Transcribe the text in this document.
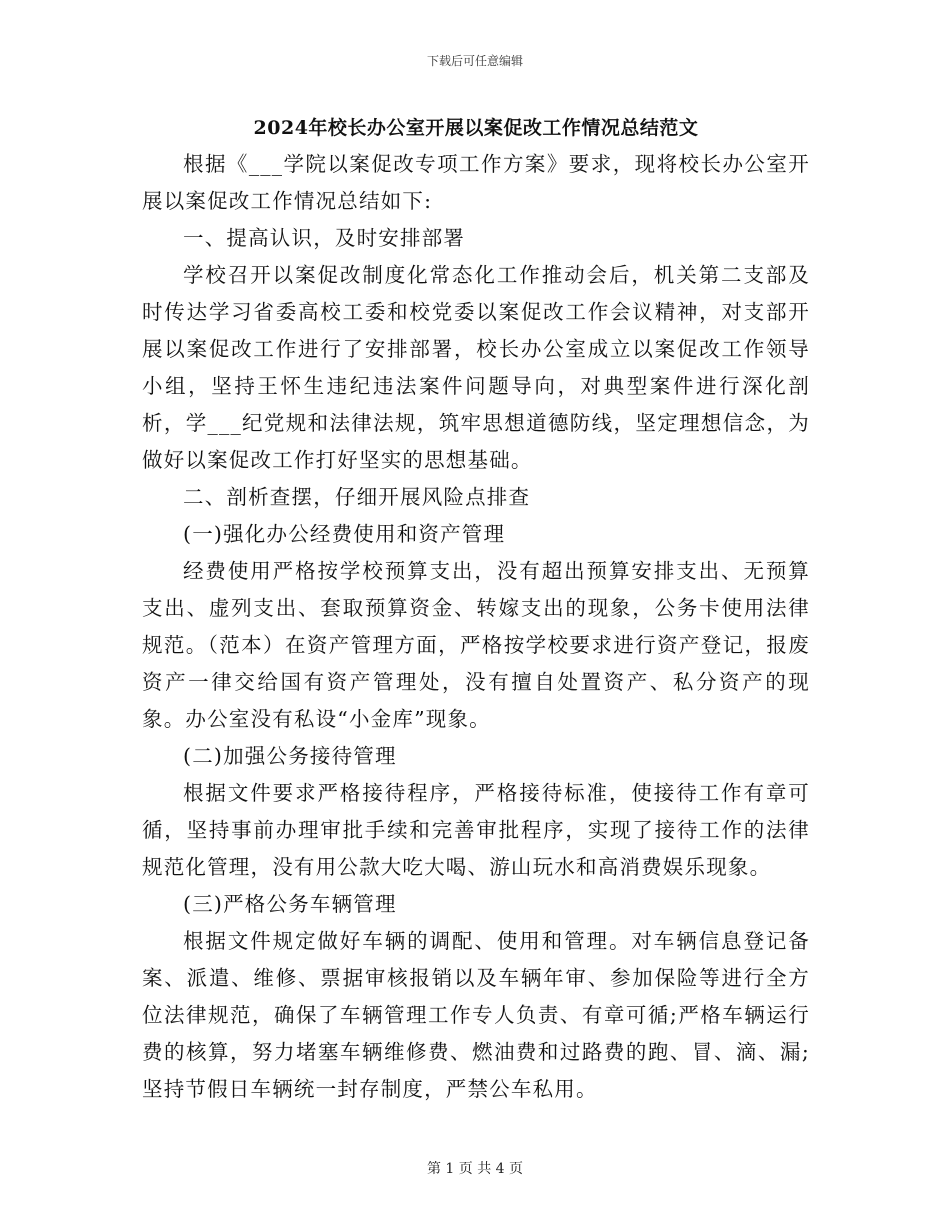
下载后可任意编辑
2024年校长办公室开展以案促改工作情况总结范文

根据《___学院以案促改专项工作方案》要求，现将校长办公室开展以案促改工作情况总结如下:

一、提高认识，及时安排部署

学校召开以案促改制度化常态化工作推动会后，机关第二支部及时传达学习省委高校工委和校党委以案促改工作会议精神，对支部开展以案促改工作进行了安排部署，校长办公室成立以案促改工作领导小组，坚持王怀生违纪违法案件问题导向，对典型案件进行深化剖析，学___纪党规和法律法规，筑牢思想道德防线，坚定理想信念，为做好以案促改工作打好坚实的思想基础。

二、剖析查摆，仔细开展风险点排查

(一)强化办公经费使用和资产管理

经费使用严格按学校预算支出，没有超出预算安排支出、无预算支出、虚列支出、套取预算资金、转嫁支出的现象，公务卡使用法律规范。（范本）在资产管理方面，严格按学校要求进行资产登记，报废资产一律交给国有资产管理处，没有擅自处置资产、私分资产的现象。办公室没有私设“小金库”现象。

(二)加强公务接待管理

根据文件要求严格接待程序，严格接待标准，使接待工作有章可循，坚持事前办理审批手续和完善审批程序，实现了接待工作的法律规范化管理，没有用公款大吃大喝、游山玩水和高消费娱乐现象。

(三)严格公务车辆管理

根据文件规定做好车辆的调配、使用和管理。对车辆信息登记备案、派遣、维修、票据审核报销以及车辆年审、参加保险等进行全方位法律规范，确保了车辆管理工作专人负责、有章可循;严格车辆运行费的核算，努力堵塞车辆维修费、燃油费和过路费的跑、冒、滴、漏;坚持节假日车辆统一封存制度，严禁公车私用。

第 1 页 共 4 页
